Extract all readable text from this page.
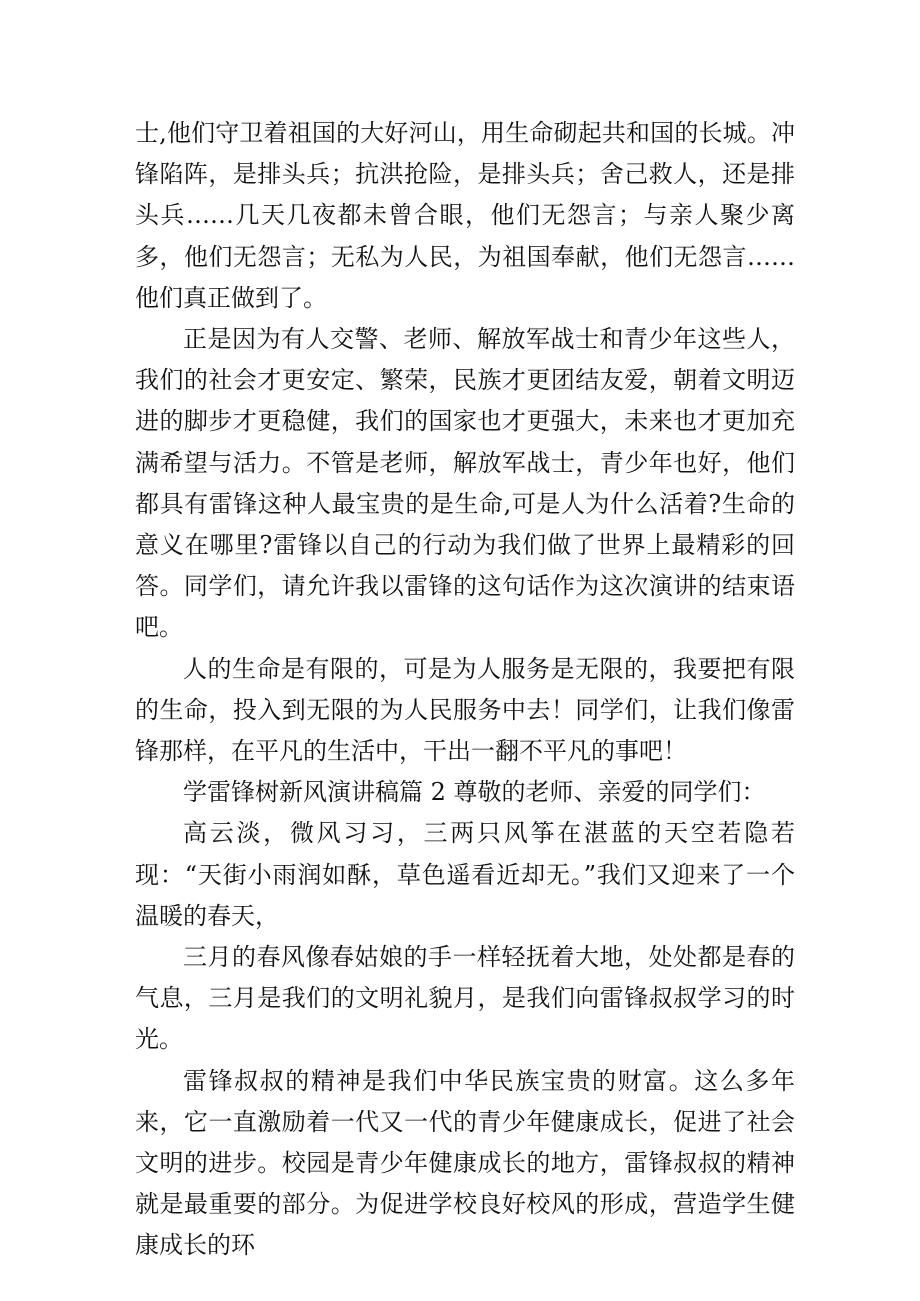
士,他们守卫着祖国的大好河山，用生命砌起共和国的长城。冲锋陷阵，是排头兵；抗洪抢险，是排头兵；舍己救人，还是排头兵……几天几夜都未曾合眼，他们无怨言；与亲人聚少离多，他们无怨言；无私为人民，为祖国奉献，他们无怨言……他们真正做到了。

正是因为有人交警、老师、解放军战士和青少年这些人，我们的社会才更安定、繁荣，民族才更团结友爱，朝着文明迈进的脚步才更稳健，我们的国家也才更强大，未来也才更加充满希望与活力。不管是老师，解放军战士，青少年也好，他们都具有雷锋这种人最宝贵的是生命,可是人为什么活着?生命的意义在哪里?雷锋以自己的行动为我们做了世界上最精彩的回答。同学们，请允许我以雷锋的这句话作为这次演讲的结束语吧。

人的生命是有限的，可是为人服务是无限的，我要把有限的生命，投入到无限的为人民服务中去！同学们，让我们像雷锋那样，在平凡的生活中，干出一翻不平凡的事吧！

学雷锋树新风演讲稿篇 2 尊敬的老师、亲爱的同学们：

高云淡，微风习习，三两只风筝在湛蓝的天空若隐若现：“天街小雨润如酥，草色遥看近却无。”我们又迎来了一个温暖的春天，

三月的春风像春姑娘的手一样轻抚着大地，处处都是春的气息，三月是我们的文明礼貌月，是我们向雷锋叔叔学习的时光。

雷锋叔叔的精神是我们中华民族宝贵的财富。这么多年来，它一直激励着一代又一代的青少年健康成长，促进了社会文明的进步。校园是青少年健康成长的地方，雷锋叔叔的精神就是最重要的部分。为促进学校良好校风的形成，营造学生健康成长的环
